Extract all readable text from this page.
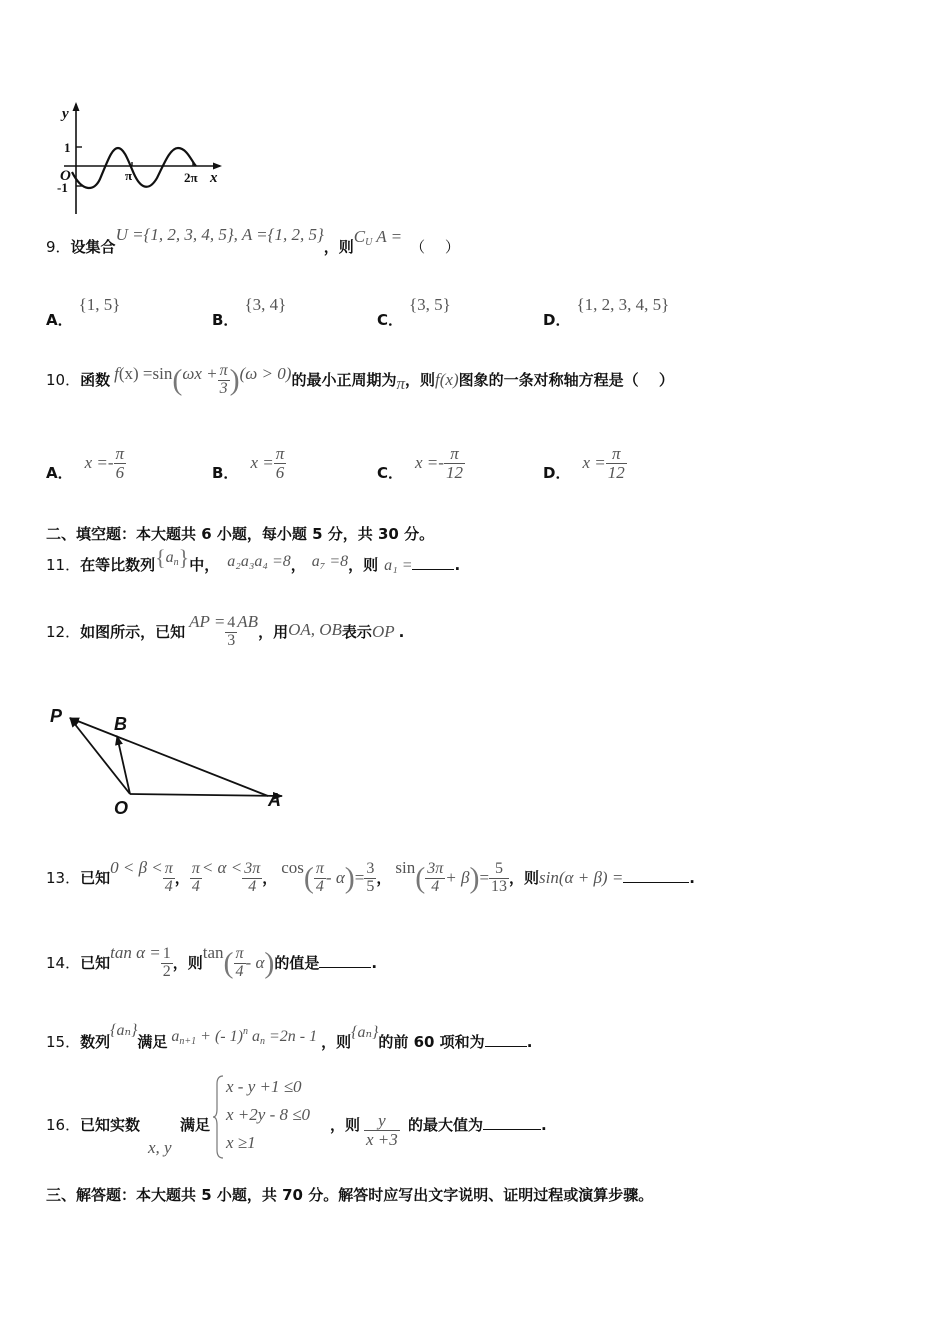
y
1
O
-1
π	2π x
9．设集合U ={1, 2, 3, 4, 5}, A ={1, 2, 5}，则$C_U$ A =（　 ）
A．{1, 5}
B．{3, 4}
C．{3, 5}
D．{1, 2, 3, 4, 5}
10．函数 $f(x) =\sin(\omega x + \frac{\pi}{3} )(\omega > 0)$的最小正周期为π，则f(x)图象的一条对称轴方程是（　 ）
A．$x =- \frac{\pi}{6}$	B．$x = \frac{\pi}{6}$	C．$x =- \frac{\pi}{12}$	D．$x = \frac{\pi}{12}$
二、填空题：本大题共 6 小题，每小题 5 分，共 30 分。
11．在等比数列$\{a_n\}$中， a₂a₃a₄ =8， a₇ =8，则 a₁ =	.
12．如图所示，已知AP = $\frac{4}{3}$ AB，用OA, OB表示OP .
P	B
O	A
13．已知$0 < \beta < \frac{\pi}{4}$ ， $\frac{\pi}{4} < \alpha < \frac{3\pi}{4}$ ，$\cos( \frac{\pi}{4} - \alpha)= \frac{3}{5}$ ，$\sin( \frac{3\pi}{4} + \beta)= \frac{5}{13}$ ，则sin(α + β) =	.
14．已知$\tan \alpha = \frac{1}{2}$ ，则$\tan( \frac{\pi}{4} - \alpha)$的值是	.
15．数列{aₙ}满足 $a_{n+1}$ + (- 1)$^n$ $a_n =2n - 1$ ，则{aₙ}的前 60 项和为	.
16． 已知实数
x, y
满足
x - y +1 ≤0
x +2y - 8 ≤0
x ≥1
，则 $\frac{y}{x +3}$ 的最大值为	.
三、解答题：本大题共 5 小题，共 70 分。解答时应写出文字说明、证明过程或演算步骤。
